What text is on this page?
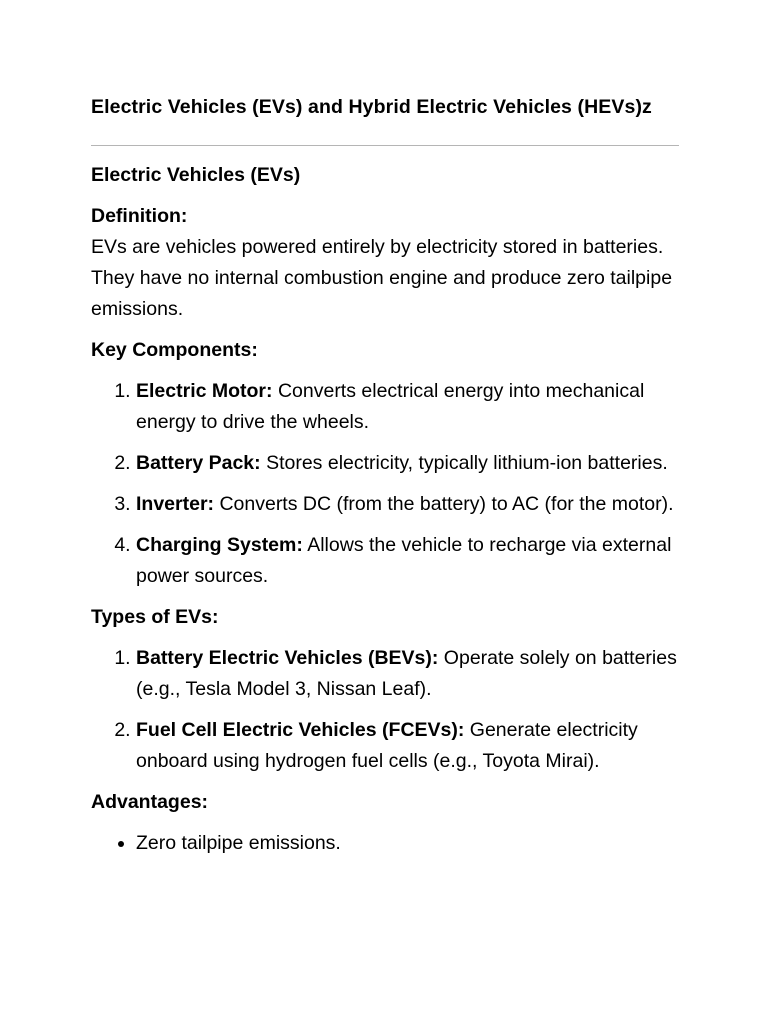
Electric Vehicles (EVs) and Hybrid Electric Vehicles (HEVs)z

Electric Vehicles (EVs)

Definition:

EVs are vehicles powered entirely by electricity stored in batteries. They have no internal combustion engine and produce zero tailpipe emissions.

Key Components:

1. Electric Motor: Converts electrical energy into mechanical energy to drive the wheels.
2. Battery Pack: Stores electricity, typically lithium-ion batteries.
3. Inverter: Converts DC (from the battery) to AC (for the motor).
4. Charging System: Allows the vehicle to recharge via external power sources.

Types of EVs:

1. Battery Electric Vehicles (BEVs): Operate solely on batteries (e.g., Tesla Model 3, Nissan Leaf).
2. Fuel Cell Electric Vehicles (FCEVs): Generate electricity onboard using hydrogen fuel cells (e.g., Toyota Mirai).

Advantages:

• Zero tailpipe emissions.
